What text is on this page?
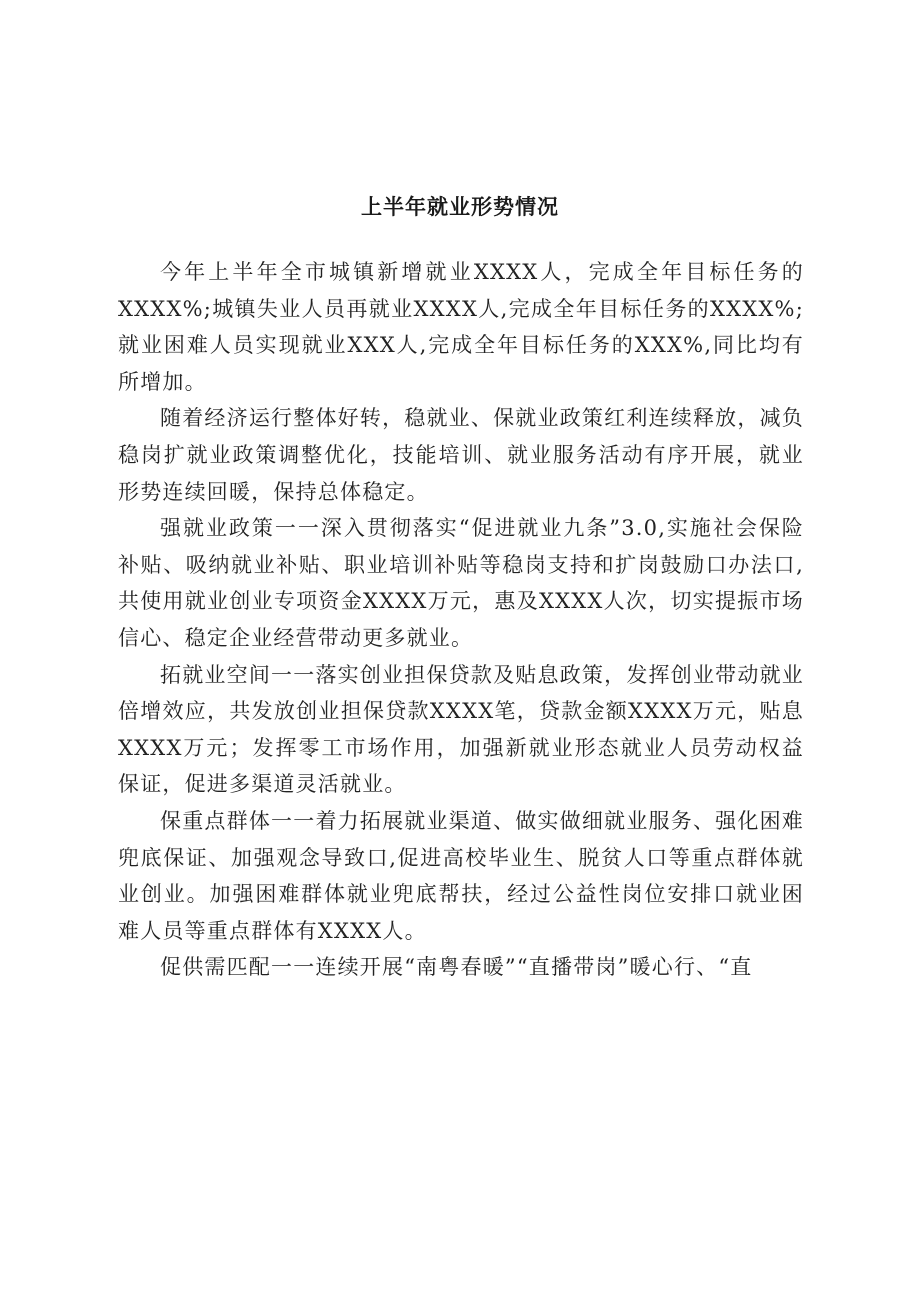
上半年就业形势情况

今年上半年全市城镇新增就业XXXX人，完成全年目标任务的XXXX%;城镇失业人员再就业XXXX人,完成全年目标任务的XXXX%;就业困难人员实现就业XXX人,完成全年目标任务的XXX%,同比均有所增加。

随着经济运行整体好转，稳就业、保就业政策红利连续释放，减负稳岗扩就业政策调整优化，技能培训、就业服务活动有序开展，就业形势连续回暖，保持总体稳定。

强就业政策一一深入贯彻落实“促进就业九条”3.0,实施社会保险补贴、吸纳就业补贴、职业培训补贴等稳岗支持和扩岗鼓励口办法口,共使用就业创业专项资金XXXX万元，惠及XXXX人次，切实提振市场信心、稳定企业经营带动更多就业。

拓就业空间一一落实创业担保贷款及贴息政策，发挥创业带动就业倍增效应，共发放创业担保贷款XXXX笔，贷款金额XXXX万元，贴息XXXX万元；发挥零工市场作用，加强新就业形态就业人员劳动权益保证，促进多渠道灵活就业。

保重点群体一一着力拓展就业渠道、做实做细就业服务、强化困难兜底保证、加强观念导致口,促进高校毕业生、脱贫人口等重点群体就业创业。加强困难群体就业兜底帮扶，经过公益性岗位安排口就业困难人员等重点群体有XXXX人。

促供需匹配一一连续开展“南粤春暖”“直播带岗”暖心行、“直
